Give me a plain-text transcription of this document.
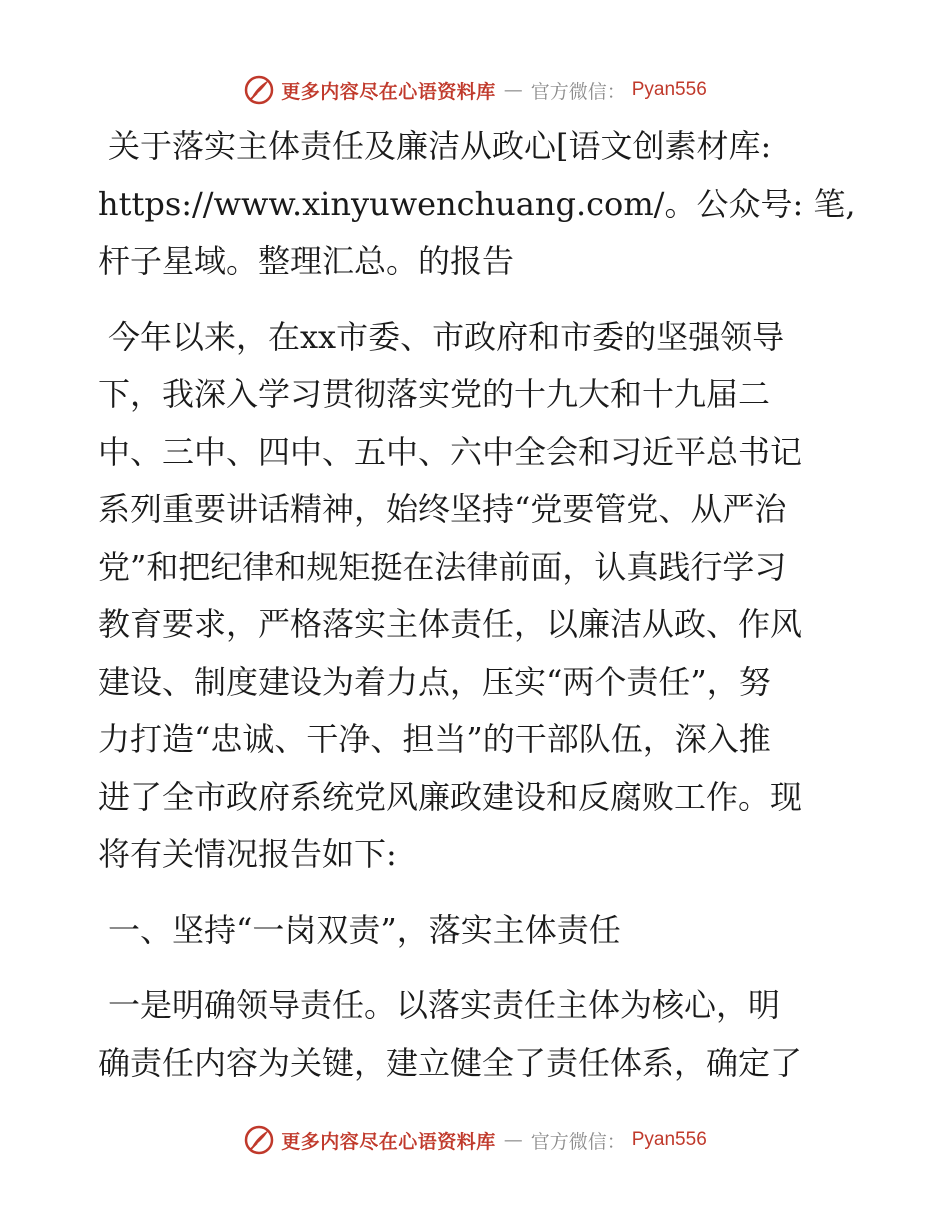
更多内容尽在心语资料库 — 官方微信： Pyan556
关于落实主体责任及廉洁从政心[语文创素材库:
https://www.xinyuwenchuang.com/。公众号: 笔,
杆子星域。整理汇总。的报告
今年以来，在xx市委、市政府和市委的坚强领导
下，我深入学习贯彻落实党的十九大和十九届二
中、三中、四中、五中、六中全会和习近平总书记
系列重要讲话精神，始终坚持“党要管党、从严治
党”和把纪律和规矩挺在法律前面，认真践行学习
教育要求，严格落实主体责任，以廉洁从政、作风
建设、制度建设为着力点，压实“两个责任”，努
力打造“忠诚、干净、担当”的干部队伍，深入推
进了全市政府系统党风廉政建设和反腐败工作。现
将有关情况报告如下:
一、坚持“一岗双责”，落实主体责任
一是明确领导责任。以落实责任主体为核心，明
确责任内容为关键，建立健全了责任体系，确定了
更多内容尽在心语资料库 — 官方微信： Pyan556
